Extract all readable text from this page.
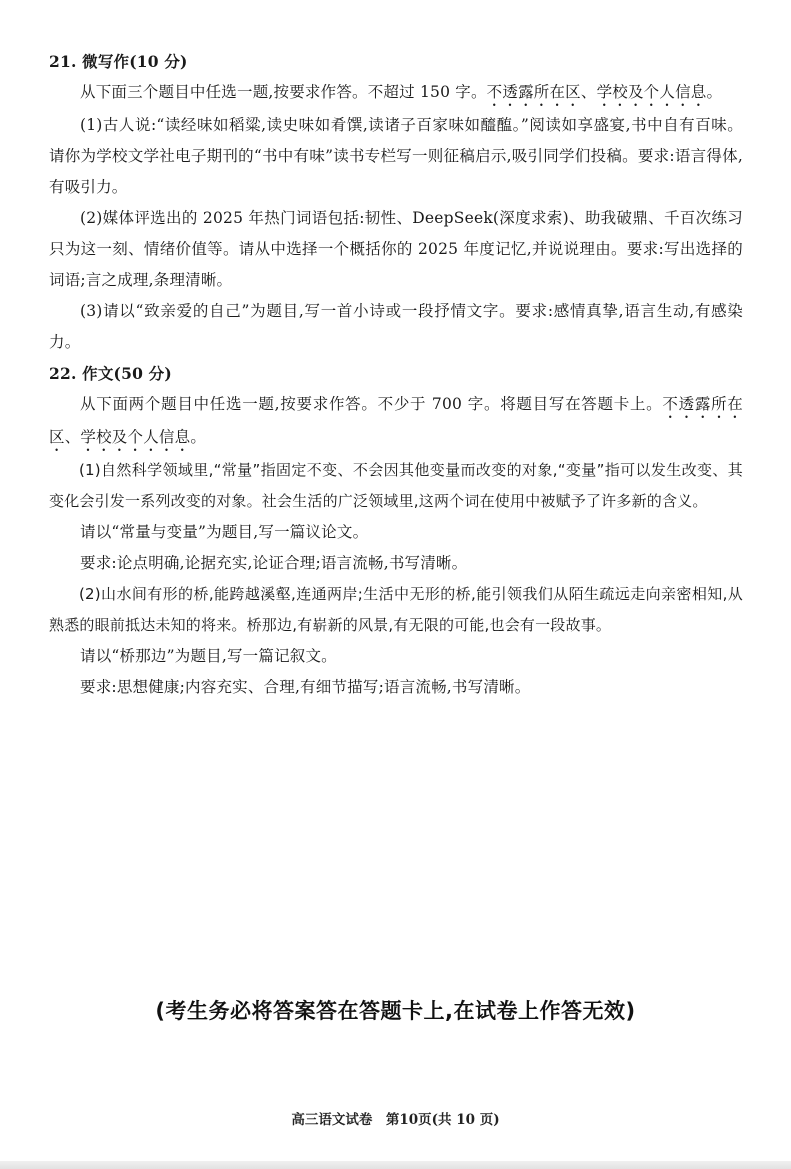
21. 微写作(10 分)

从下面三个题目中任选一题,按要求作答。不超过 150 字。不透露所在区、学校及个人信息。

(1)古人说:“读经味如稻粱,读史味如肴馔,读诸子百家味如醯醢。”阅读如享盛宴,书中自有百味。请你为学校文学社电子期刊的“书中有味”读书专栏写一则征稿启示,吸引同学们投稿。要求:语言得体,有吸引力。

(2)媒体评选出的 2025 年热门词语包括:韧性、DeepSeek(深度求索)、助我破鼎、千百次练习只为这一刻、情绪价值等。请从中选择一个概括你的 2025 年度记忆,并说说理由。要求:写出选择的词语;言之成理,条理清晰。

(3)请以“致亲爱的自己”为题目,写一首小诗或一段抒情文字。要求:感情真挚,语言生动,有感染力。

22. 作文(50 分)

从下面两个题目中任选一题,按要求作答。不少于 700 字。将题目写在答题卡上。不透露所在区、学校及个人信息。

(1)自然科学领域里,“常量”指固定不变、不会因其他变量而改变的对象,“变量”指可以发生改变、其变化会引发一系列改变的对象。社会生活的广泛领域里,这两个词在使用中被赋予了许多新的含义。

请以“常量与变量”为题目,写一篇议论文。

要求:论点明确,论据充实,论证合理;语言流畅,书写清晰。

(2)山水间有形的桥,能跨越溪壑,连通两岸;生活中无形的桥,能引领我们从陌生疏远走向亲密相知,从熟悉的眼前抵达未知的将来。桥那边,有崭新的风景,有无限的可能,也会有一段故事。

请以“桥那边”为题目,写一篇记叙文。

要求:思想健康;内容充实、合理,有细节描写;语言流畅,书写清晰。

(考生务必将答案答在答题卡上,在试卷上作答无效)
高三语文试卷　第10页(共 10 页)
